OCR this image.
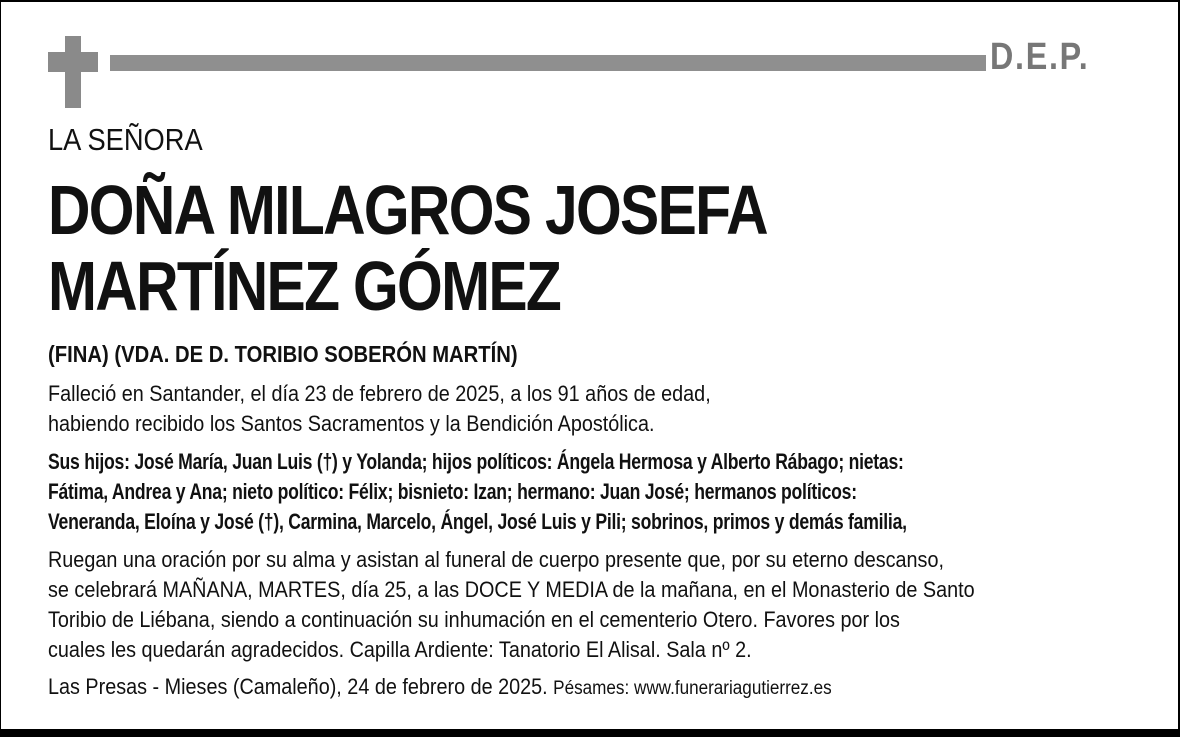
D.E.P.
LA SEÑORA
DOÑA MILAGROS JOSEFA
MARTÍNEZ GÓMEZ
(FINA) (VDA. DE D. TORIBIO SOBERÓN MARTÍN)
Falleció en Santander, el día 23 de febrero de 2025, a los 91 años de edad,
habiendo recibido los Santos Sacramentos y la Bendición Apostólica.
Sus hijos: José María, Juan Luis (†) y Yolanda; hijos políticos: Ángela Hermosa y Alberto Rábago; nietas:
Fátima, Andrea y Ana; nieto político: Félix; bisnieto: Izan; hermano: Juan José; hermanos políticos:
Veneranda, Eloína y José (†), Carmina, Marcelo, Ángel, José Luis y Pili; sobrinos, primos y demás familia,
Ruegan una oración por su alma y asistan al funeral de cuerpo presente que, por su eterno descanso,
se celebrará MAÑANA, MARTES, día 25, a las DOCE Y MEDIA de la mañana, en el Monasterio de Santo
Toribio de Liébana, siendo a continuación su inhumación en el cementerio Otero. Favores por los
cuales les quedarán agradecidos. Capilla Ardiente: Tanatorio El Alisal. Sala nº 2.
Las Presas - Mieses (Camaleño), 24 de febrero de 2025. Pésames: www.funerariagutierrez.es
